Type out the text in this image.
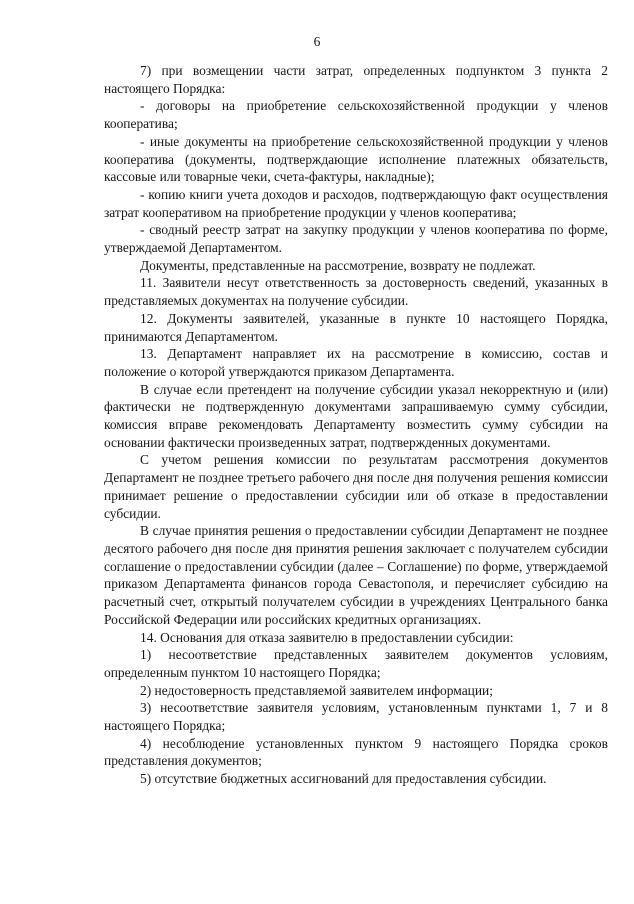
6

7) при возмещении части затрат, определенных подпунктом 3 пункта 2 настоящего Порядка:

- договоры на приобретение сельскохозяйственной продукции у членов кооператива;

- иные документы на приобретение сельскохозяйственной продукции у членов кооператива (документы, подтверждающие исполнение платежных обязательств, кассовые или товарные чеки, счета-фактуры, накладные);

- копию книги учета доходов и расходов, подтверждающую факт осуществления затрат кооперативом на приобретение продукции у членов кооператива;

- сводный реестр затрат на закупку продукции у членов кооператива по форме, утверждаемой Департаментом.

Документы, представленные на рассмотрение, возврату не подлежат.

11. Заявители несут ответственность за достоверность сведений, указанных в представляемых документах на получение субсидии.

12. Документы заявителей, указанные в пункте 10 настоящего Порядка, принимаются Департаментом.

13. Департамент направляет их на рассмотрение в комиссию, состав и положение о которой утверждаются приказом Департамента.

В случае если претендент на получение субсидии указал некорректную и (или) фактически не подтвержденную документами запрашиваемую сумму субсидии, комиссия вправе рекомендовать Департаменту возместить сумму субсидии на основании фактически произведенных затрат, подтвержденных документами.

С учетом решения комиссии по результатам рассмотрения документов Департамент не позднее третьего рабочего дня после дня получения решения комиссии принимает решение о предоставлении субсидии или об отказе в предоставлении субсидии.

В случае принятия решения о предоставлении субсидии Департамент не позднее десятого рабочего дня после дня принятия решения заключает с получателем субсидии соглашение о предоставлении субсидии (далее – Соглашение) по форме, утверждаемой приказом Департамента финансов города Севастополя, и перечисляет субсидию на расчетный счет, открытый получателем субсидии в учреждениях Центрального банка Российской Федерации или российских кредитных организациях.

14. Основания для отказа заявителю в предоставлении субсидии:

1) несоответствие представленных заявителем документов условиям, определенным пунктом 10 настоящего Порядка;

2) недостоверность представляемой заявителем информации;

3) несоответствие заявителя условиям, установленным пунктами 1, 7 и 8 настоящего Порядка;

4) несоблюдение установленных пунктом 9 настоящего Порядка сроков представления документов;

5) отсутствие бюджетных ассигнований для предоставления субсидии.
